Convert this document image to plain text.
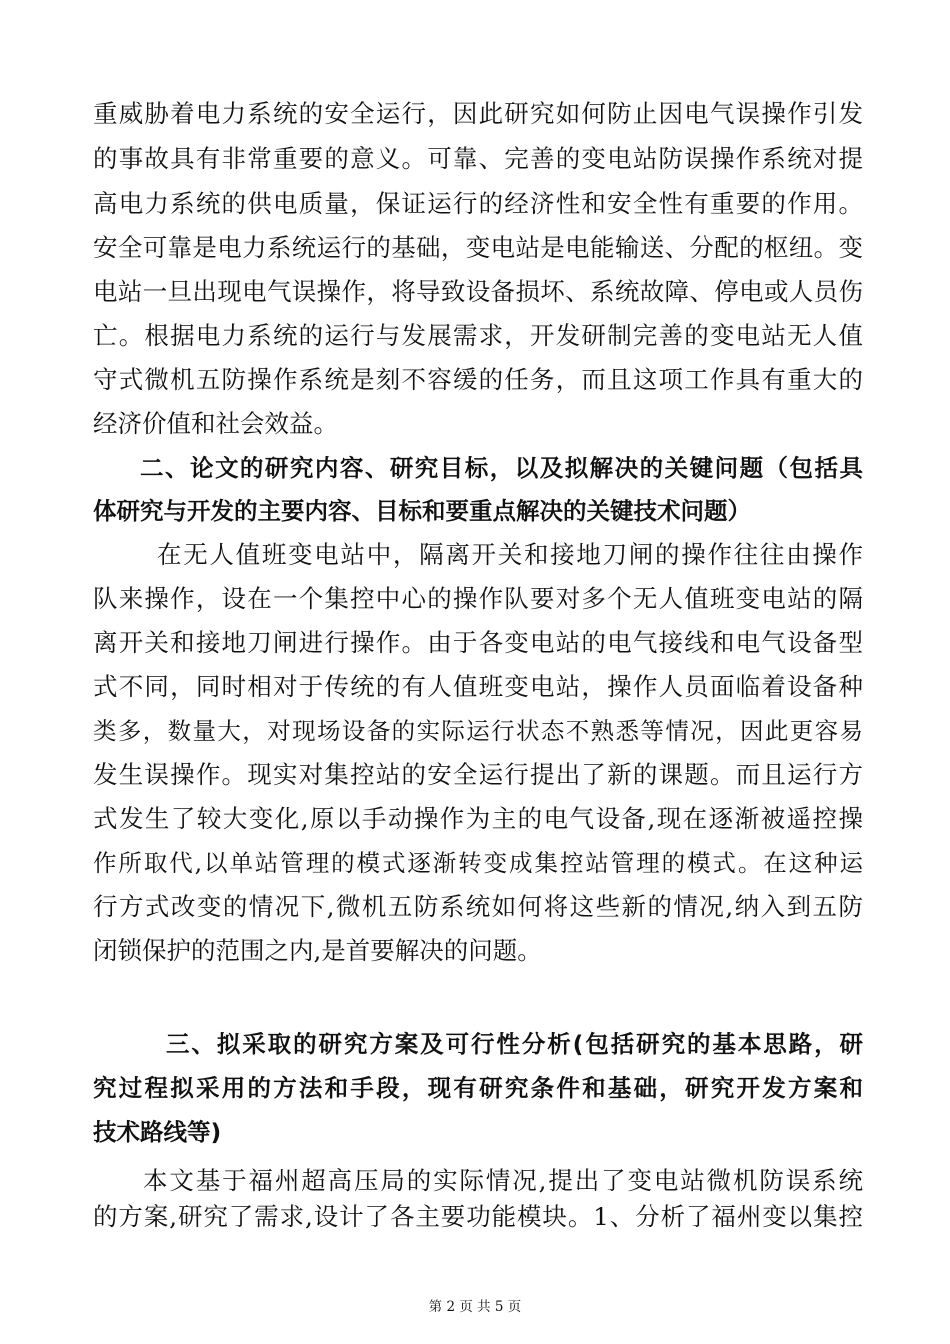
重威胁着电力系统的安全运行，因此研究如何防止因电气误操作引发
的事故具有非常重要的意义。可靠、完善的变电站防误操作系统对提
高电力系统的供电质量，保证运行的经济性和安全性有重要的作用。
安全可靠是电力系统运行的基础，变电站是电能输送、分配的枢纽。变
电站一旦出现电气误操作，将导致设备损坏、系统故障、停电或人员伤
亡。根据电力系统的运行与发展需求，开发研制完善的变电站无人值
守式微机五防操作系统是刻不容缓的任务，而且这项工作具有重大的
经济价值和社会效益。
二、论文的研究内容、研究目标，以及拟解决的关键问题（包括具
体研究与开发的主要内容、目标和要重点解决的关键技术问题）
在无人值班变电站中，隔离开关和接地刀闸的操作往往由操作
队来操作，设在一个集控中心的操作队要对多个无人值班变电站的隔
离开关和接地刀闸进行操作。由于各变电站的电气接线和电气设备型
式不同，同时相对于传统的有人值班变电站，操作人员面临着设备种
类多，数量大，对现场设备的实际运行状态不熟悉等情况，因此更容易
发生误操作。现实对集控站的安全运行提出了新的课题。而且运行方
式发生了较大变化,原以手动操作为主的电气设备,现在逐渐被遥控操
作所取代,以单站管理的模式逐渐转变成集控站管理的模式。在这种运
行方式改变的情况下,微机五防系统如何将这些新的情况,纳入到五防
闭锁保护的范围之内,是首要解决的问题。
三、拟采取的研究方案及可行性分析(包括研究的基本思路，研
究过程拟采用的方法和手段，现有研究条件和基础，研究开发方案和
技术路线等)
本文基于福州超高压局的实际情况,提出了变电站微机防误系统
的方案,研究了需求,设计了各主要功能模块。1、分析了福州变以集控
第 2 页 共 5 页
